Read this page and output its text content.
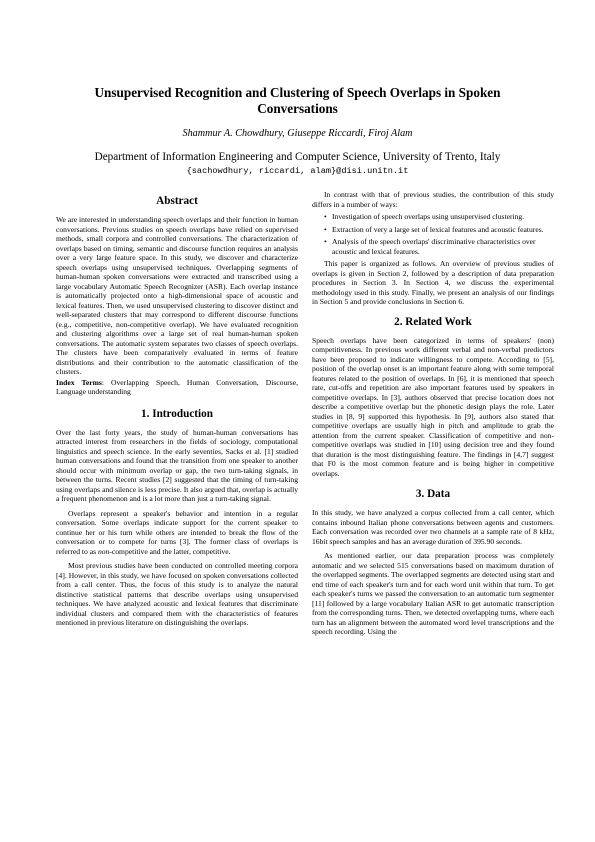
Unsupervised Recognition and Clustering of Speech Overlaps in Spoken Conversations
Shammur A. Chowdhury, Giuseppe Riccardi, Firoj Alam
Department of Information Engineering and Computer Science, University of Trento, Italy
{sachowdhury, riccardi, alam}@disi.unitn.it
Abstract

We are interested in understanding speech overlaps and their function in human conversations. Previous studies on speech overlaps have relied on supervised methods, small corpora and controlled conversations. The characterization of overlaps based on timing, semantic and discourse function requires an analysis over a very large feature space. In this study, we discover and characterize speech overlaps using unsupervised techniques. Overlapping segments of human-human spoken conversations were extracted and transcribed using a large vocabulary Automatic Speech Recognizer (ASR). Each overlap instance is automatically projected onto a high-dimensional space of acoustic and lexical features. Then, we used unsupervised clustering to discover distinct and well-separated clusters that may correspond to different discourse functions (e.g., competitive, non-competitive overlap). We have evaluated recognition and clustering algorithms over a large set of real human-human spoken conversations. The automatic system separates two classes of speech overlaps. The clusters have been comparatively evaluated in terms of feature distributions and their contribution to the automatic classification of the clusters.

Index Terms: Overlapping Speech, Human Conversation, Discourse, Language understanding

1. Introduction

Over the last forty years, the study of human-human conversations has attracted interest from researchers in the fields of sociology, computational linguistics and speech science. In the early seventies, Sacks et al. [1] studied human conversations and found that the transition from one speaker to another should occur with minimum overlap or gap, the two turn-taking signals, in between the turns. Recent studies [2] suggested that the timing of turn-taking using overlaps and silence is less precise. It also argued that, overlap is actually a frequent phenomenon and is a lot more than just a turn-taking signal.

Overlaps represent a speaker's behavior and intention in a regular conversation. Some overlaps indicate support for the current speaker to continue her or his turn while others are intended to break the flow of the conversation or to compete for turns [3]. The former class of overlaps is referred to as non-competitive and the latter, competitive.

Most previous studies have been conducted on controlled meeting corpora [4]. However, in this study, we have focused on spoken conversations collected from a call center. Thus, the focus of this study is to analyze the natural distinctive statistical patterns that describe overlaps using unsupervised techniques. We have analyzed acoustic and lexical features that discriminate individual clusters and compared them with the characteristics of features mentioned in previous literature on distinguishing the overlaps.

In contrast with that of previous studies, the contribution of this study differs in a number of ways:

• Investigation of speech overlaps using unsupervised clustering.
• Extraction of very a large set of lexical features and acoustic features.
• Analysis of the speech overlaps' discriminative characteristics over acoustic and lexical features.

This paper is organized as follows. An overview of previous studies of overlaps is given in Section 2, followed by a description of data preparation procedures in Section 3. In Section 4, we discuss the experimental methodology used in this study. Finally, we present an analysis of our findings in Section 5 and provide conclusions in Section 6.

2. Related Work

Speech overlaps have been categorized in terms of speakers' (non) competitiveness. In previous work different verbal and non-verbal predictors have been proposed to indicate willingness to compete. According to [5], position of the overlap onset is an important feature along with some temporal features related to the position of overlaps. In [6], it is mentioned that speech rate, cut-offs and repetition are also important features used by speakers in competitive overlaps. In [3], authors observed that precise location does not describe a competitive overlap but the phonetic design plays the role. Later studies in [8, 9] supported this hypothesis. In [9], authors also stated that competitive overlaps are usually high in pitch and amplitude to grab the attention from the current speaker. Classification of competitive and non-competitive overlaps was studied in [10] using decision tree and they found that duration is the most distinguishing feature. The findings in [4,7] suggest that F0 is the most common feature and is being higher in competitive overlaps.

3. Data

In this study, we have analyzed a corpus collected from a call center, which contains inbound Italian phone conversations between agents and customers. Each conversation was recorded over two channels at a sample rate of 8 kHz, 16bit speech samples and has an average duration of 395.90 seconds.

As mentioned earlier, our data preparation process was completely automatic and we selected 515 conversations based on maximum duration of the overlapped segments. The overlapped segments are detected using start and end time of each speaker's turn and for each word unit within that turn. To get each speaker's turns we passed the conversation to an automatic turn segmenter [11] followed by a large vocabulary Italian ASR to get automatic transcription from the corresponding turns. Then, we detected overlapping turns, where each turn has an alignment between the automated word level transcriptions and the speech recording. Using the
